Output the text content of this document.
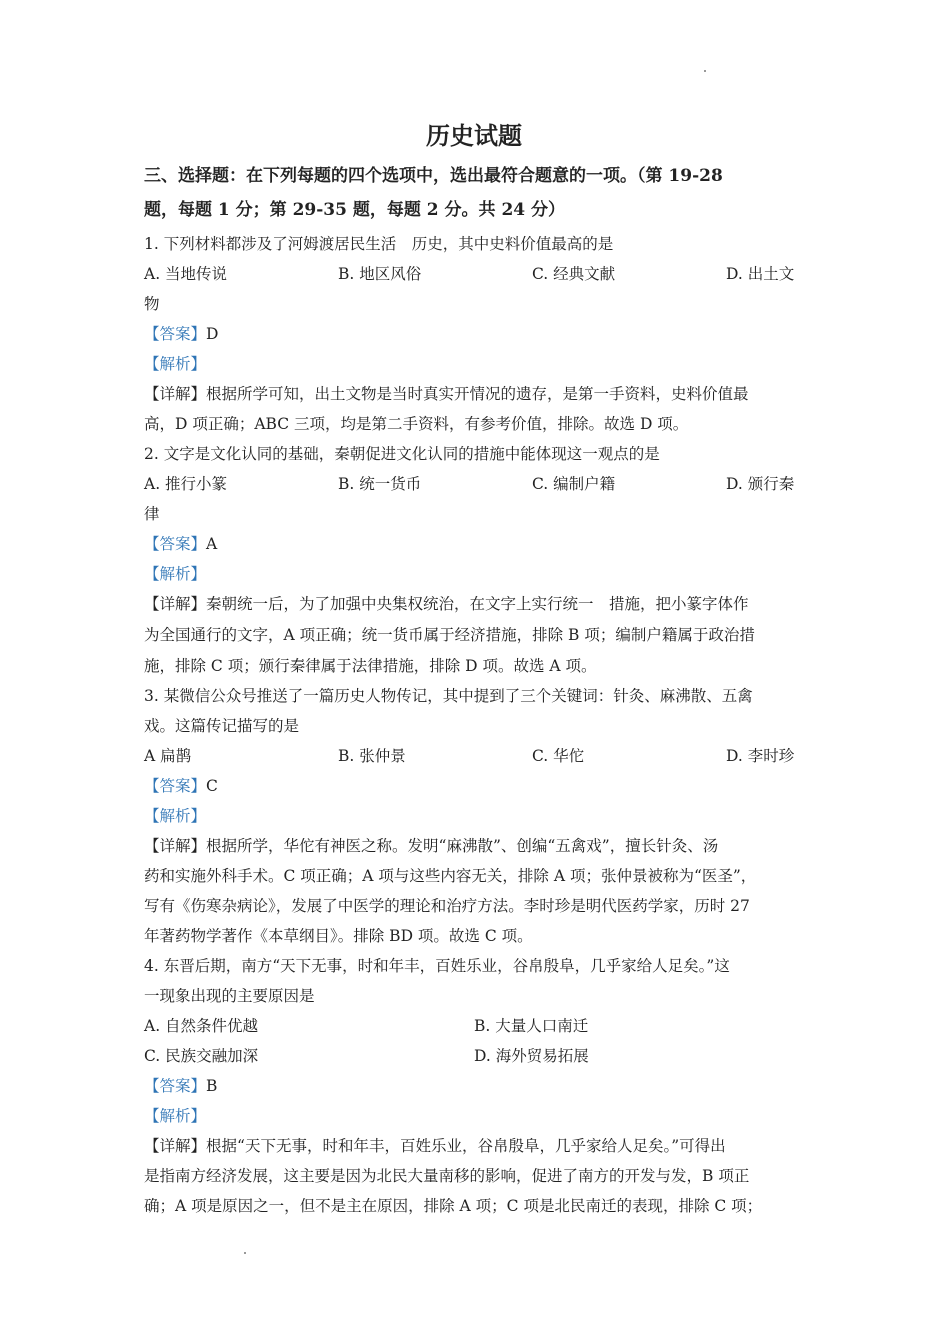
历史试题
三、选择题：在下列每题的四个选项中，选出最符合题意的一项。（第 19-28
题，每题 1 分；第 29-35 题，每题 2 分。共 24 分）
1. 下列材料都涉及了河姆渡居民生活　历史，其中史料价值最高的是
A. 当地传说	B. 地区风俗	C. 经典文献	D. 出土文
物
【答案】D
【解析】
【详解】根据所学可知，出土文物是当时真实开情况的遗存，是第一手资料，史料价值最
高，D 项正确；ABC 三项，均是第二手资料，有参考价值，排除。故选 D 项。
2. 文字是文化认同的基础，秦朝促进文化认同的措施中能体现这一观点的是
A. 推行小篆	B. 统一货币	C. 编制户籍	D. 颁行秦
律
【答案】A
【解析】
【详解】秦朝统一后，为了加强中央集权统治，在文字上实行统一　措施，把小篆字体作
为全国通行的文字，A 项正确；统一货币属于经济措施，排除 B 项；编制户籍属于政治措
施，排除 C 项；颁行秦律属于法律措施，排除 D 项。故选 A 项。
3. 某微信公众号推送了一篇历史人物传记，其中提到了三个关键词：针灸、麻沸散、五禽
戏。这篇传记描写的是
A 扁鹊	B. 张仲景	C. 华佗	D. 李时珍
【答案】C
【解析】
【详解】根据所学，华佗有神医之称。发明“麻沸散”、创编“五禽戏”，擅长针灸、汤
药和实施外科手术。C 项正确；A 项与这些内容无关，排除 A 项；张仲景被称为“医圣”，
写有《伤寒杂病论》，发展了中医学的理论和治疗方法。李时珍是明代医药学家，历时 27
年著药物学著作《本草纲目》。排除 BD 项。故选 C 项。
4. 东晋后期，南方“天下无事，时和年丰，百姓乐业，谷帛殷阜，几乎家给人足矣。”这
一现象出现的主要原因是
A. 自然条件优越	B. 大量人口南迁
C. 民族交融加深	D. 海外贸易拓展
【答案】B
【解析】
【详解】根据“天下无事，时和年丰，百姓乐业，谷帛殷阜，几乎家给人足矣。”可得出
是指南方经济发展，这主要是因为北民大量南移的影响，促进了南方的开发与发，B 项正
确；A 项是原因之一，但不是主在原因，排除 A 项；C 项是北民南迁的表现，排除 C 项；
